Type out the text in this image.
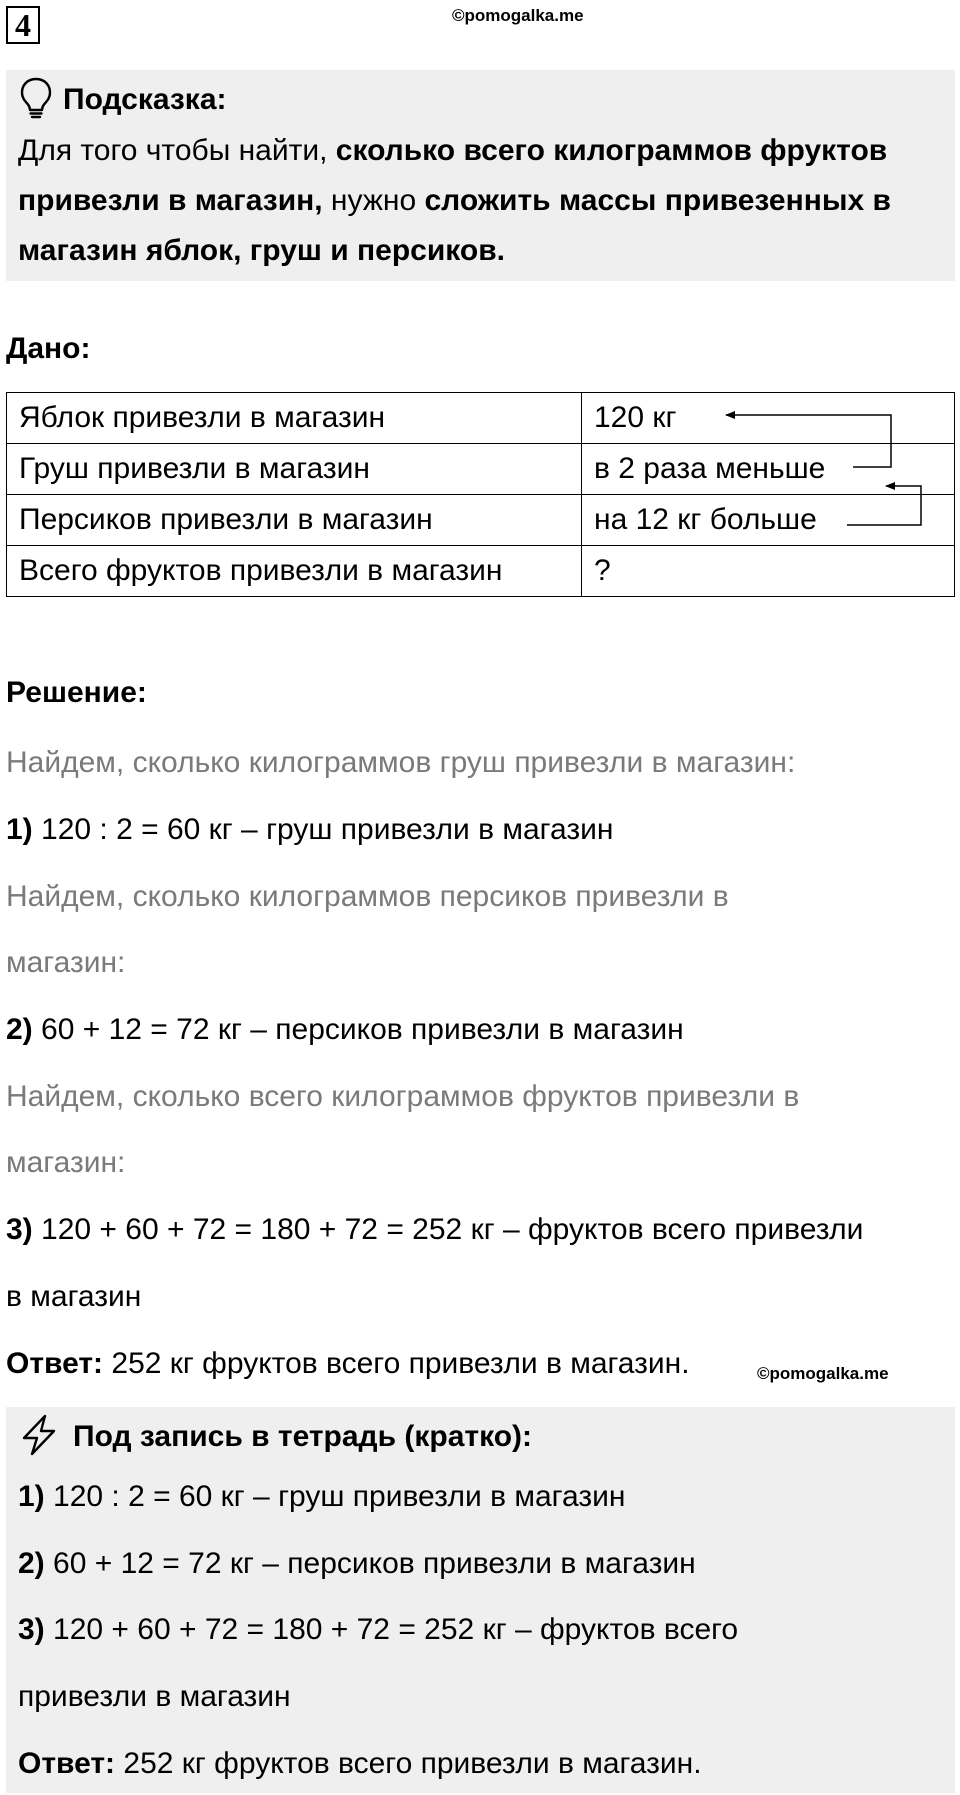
4	©pomogalka.me
Подсказка:
Для того чтобы найти, сколько всего килограммов фруктов привезли в магазин, нужно сложить массы привезенных в магазин яблок, груш и персиков.
Дано:
Яблок привезли в магазин	120 кг
Груш привезли в магазин	в 2 раза меньше
Персиков привезли в магазин	на 12 кг больше
Всего фруктов привезли в магазин	?
Решение:
Найдем, сколько килограммов груш привезли в магазин:
1) 120 : 2 = 60 кг – груш привезли в магазин
Найдем, сколько килограммов персиков привезли в
магазин:
2) 60 + 12 = 72 кг – персиков привезли в магазин
Найдем, сколько всего килограммов фруктов привезли в
магазин:
3) 120 + 60 + 72 = 180 + 72 = 252 кг – фруктов всего привезли
в магазин
Ответ: 252 кг фруктов всего привезли в магазин.	©pomogalka.me
Под запись в тетрадь (кратко):
1) 120 : 2 = 60 кг – груш привезли в магазин
2) 60 + 12 = 72 кг – персиков привезли в магазин
3) 120 + 60 + 72 = 180 + 72 = 252 кг – фруктов всего
привезли в магазин
Ответ: 252 кг фруктов всего привезли в магазин.
